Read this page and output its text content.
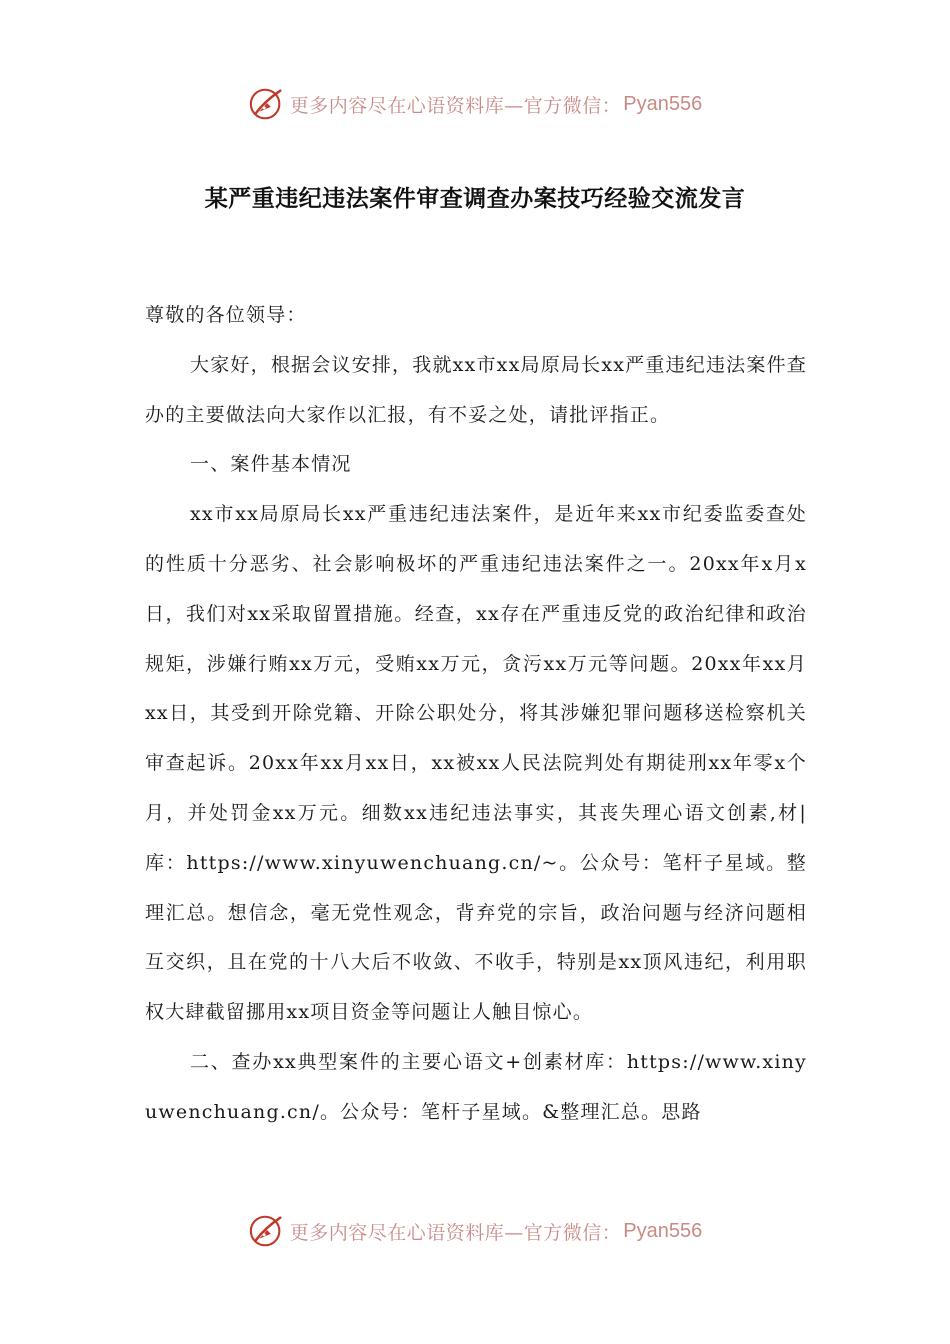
更多内容尽在心语资料库—官方微信： Pyan556
某严重违纪违法案件审查调查办案技巧经验交流发言

尊敬的各位领导：

大家好，根据会议安排，我就xx市xx局原局长xx严重违纪违法案件查办的主要做法向大家作以汇报，有不妥之处，请批评指正。

一、案件基本情况

xx市xx局原局长xx严重违纪违法案件，是近年来xx市纪委监委查处的性质十分恶劣、社会影响极坏的严重违纪违法案件之一。20xx年x月x日，我们对xx采取留置措施。经查，xx存在严重违反党的政治纪律和政治规矩，涉嫌行贿xx万元，受贿xx万元，贪污xx万元等问题。20xx年xx月xx日，其受到开除党籍、开除公职处分，将其涉嫌犯罪问题移送检察机关审查起诉。20xx年xx月xx日，xx被xx人民法院判处有期徒刑xx年零x个月，并处罚金xx万元。细数xx违纪违法事实，其丧失理心语文创素,材|库：https://www.xinyuwenchuang.cn/~。公众号：笔杆子星域。整理汇总。想信念，毫无党性观念，背弃党的宗旨，政治问题与经济问题相互交织，且在党的十八大后不收敛、不收手，特别是xx顶风违纪，利用职权大肆截留挪用xx项目资金等问题让人触目惊心。

二、查办xx典型案件的主要心语文+创素材库：https://www.xinyuwenchuang.cn/。公众号：笔杆子星域。&整理汇总。思路

更多内容尽在心语资料库—官方微信： Pyan556
